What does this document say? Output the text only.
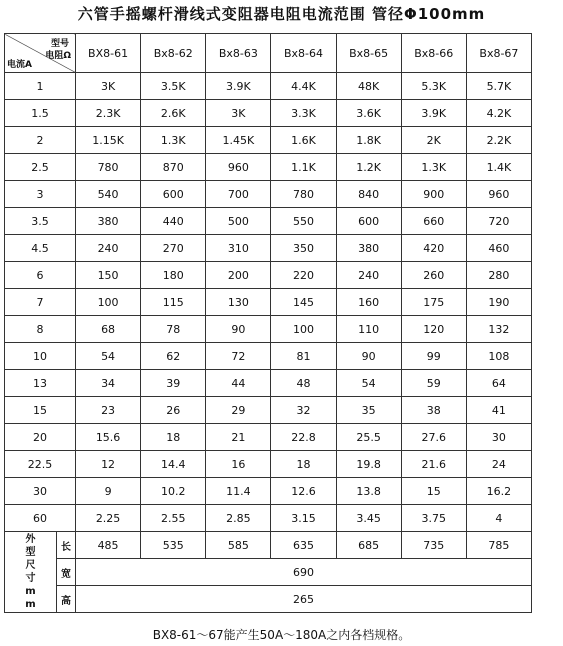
六管手摇螺杆滑线式变阻器电阻电流范围 管径Φ100mm
型号
电阻Ω
电流A		BX8-61	Bx8-62	Bx8-63	Bx8-64	Bx8-65	Bx8-66	Bx8-67
1		3K	3.5K	3.9K	4.4K	48K	5.3K	5.7K
1.5		2.3K	2.6K	3K	3.3K	3.6K	3.9K	4.2K
2		1.15K	1.3K	1.45K	1.6K	1.8K	2K	2.2K
2.5		780	870	960	1.1K	1.2K	1.3K	1.4K
3		540	600	700	780	840	900	960
3.5		380	440	500	550	600	660	720
4.5		240	270	310	350	380	420	460
6		150	180	200	220	240	260	280
7		100	115	130	145	160	175	190
8		68	78	90	100	110	120	132
10		54	62	72	81	90	99	108
13		34	39	44	48	54	59	64
15		23	26	29	32	35	38	41
20		15.6	18	21	22.8	25.5	27.6	30
22.5		12	14.4	16	18	19.8	21.6	24
30		9	10.2	11.4	12.6	13.8	15	16.2
60		2.25	2.55	2.85	3.15	3.45	3.75	4
外型尺寸mm	长	485	535	585	635	685	735	785
	宽	690						
	高	265						
BX8-61～67能产生50A～180A之内各档规格。
